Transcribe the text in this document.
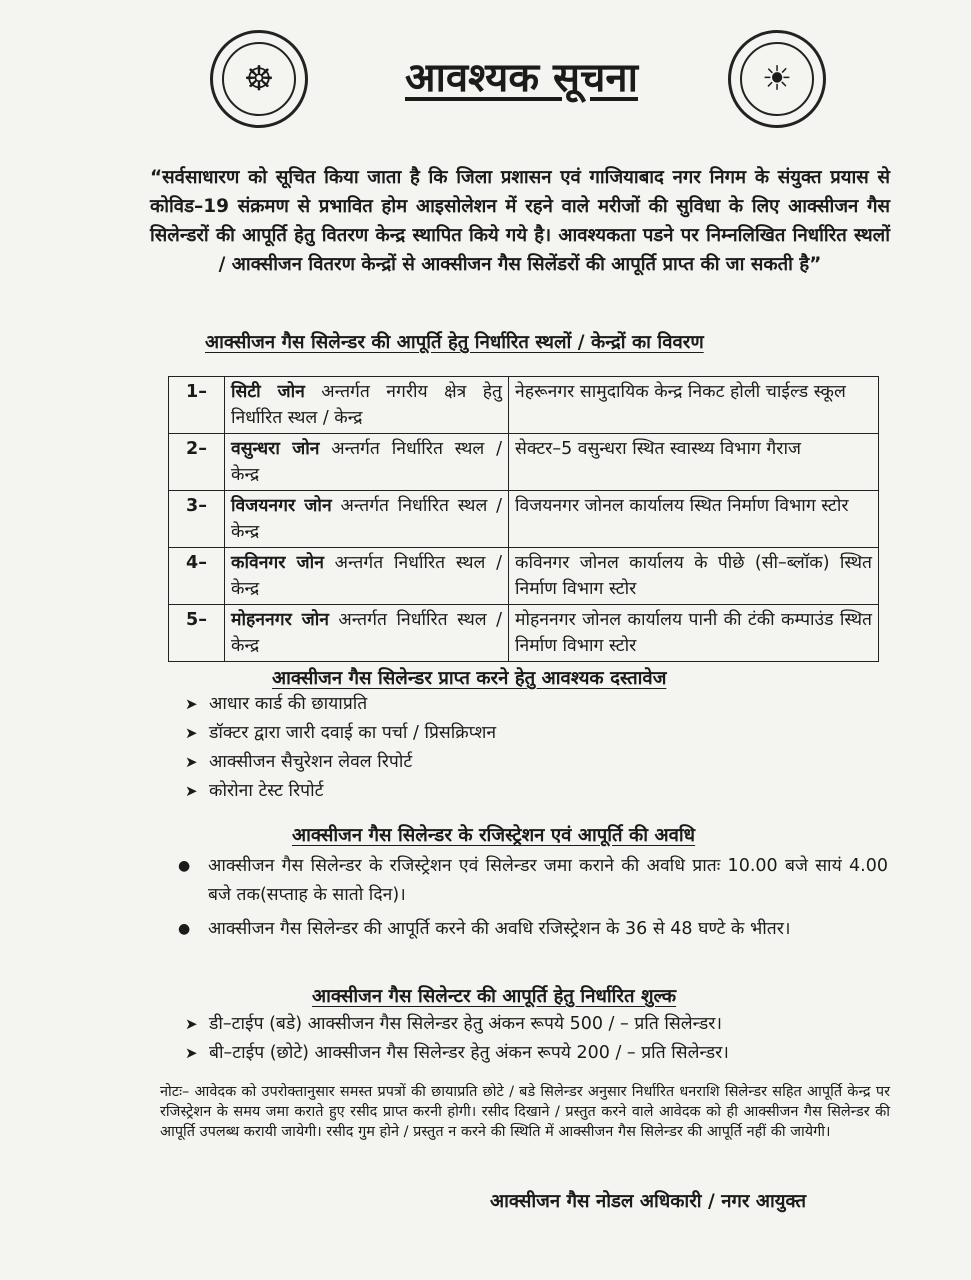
☸	आवश्यक सूचना	☀
“सर्वसाधारण को सूचित किया जाता है कि जिला प्रशासन एवं गाजियाबाद नगर निगम के संयुक्त प्रयास से कोविड–19 संक्रमण से प्रभावित होम आइसोलेशन में रहने वाले मरीजों की सुविधा के लिए आक्सीजन गैस सिलेन्डरों की आपूर्ति हेतु वितरण केन्द्र स्थापित किये गये है। आवश्यकता पडने पर निम्नलिखित निर्धारित स्थलों / आक्सीजन वितरण केन्द्रों से आक्सीजन गैस सिलेंडरों की आपूर्ति प्राप्त की जा सकती है”
आक्सीजन गैस सिलेन्डर की आपूर्ति हेतु निर्धारित स्थलों / केन्द्रों का विवरण
1–	सिटी जोन अन्तर्गत नगरीय क्षेत्र हेतु निर्धारित स्थल / केन्द्र	नेहरूनगर सामुदायिक केन्द्र निकट होली चाईल्ड स्कूल
2–	वसुन्धरा जोन अन्तर्गत निर्धारित स्थल / केन्द्र	सेक्टर–5 वसुन्धरा स्थित स्वास्थ्य विभाग गैराज
3–	विजयनगर जोन अन्तर्गत निर्धारित स्थल / केन्द्र	विजयनगर जोनल कार्यालय स्थित निर्माण विभाग स्टोर
4–	कविनगर जोन अन्तर्गत निर्धारित स्थल / केन्द्र	कविनगर जोनल कार्यालय के पीछे (सी–ब्लॉक) स्थित निर्माण विभाग स्टोर
5–	मोहननगर जोन अन्तर्गत निर्धारित स्थल / केन्द्र	मोहननगर जोनल कार्यालय पानी की टंकी कम्पाउंड स्थित निर्माण विभाग स्टोर
आक्सीजन गैस सिलेन्डर प्राप्त करने हेतु आवश्यक दस्तावेज
➤ आधार कार्ड की छायाप्रति
➤ डॉक्टर द्वारा जारी दवाई का पर्चा / प्रिसक्रिप्शन
➤ आक्सीजन सैचुरेशन लेवल रिपोर्ट
➤ कोरोना टेस्ट रिपोर्ट
आक्सीजन गैस सिलेन्डर के रजिस्ट्रेशन एवं आपूर्ति की अवधि
●	आक्सीजन गैस सिलेन्डर के रजिस्ट्रेशन एवं सिलेन्डर जमा कराने की अवधि प्रातः 10.00 बजे सायं 4.00 बजे तक(सप्ताह के सातो दिन)।
●	आक्सीजन गैस सिलेन्डर की आपूर्ति करने की अवधि रजिस्ट्रेशन के 36 से 48 घण्टे के भीतर।
आक्सीजन गैस सिलेन्टर की आपूर्ति हेतु निर्धारित शुल्क
➤ डी–टाईप (बडे) आक्सीजन गैस सिलेन्डर हेतु अंकन रूपये 500 / – प्रति सिलेन्डर।
➤ बी–टाईप (छोटे) आक्सीजन गैस सिलेन्डर हेतु अंकन रूपये 200 / – प्रति सिलेन्डर।
नोटः– आवेदक को उपरोक्तानुसार समस्त प्रपत्रों की छायाप्रति छोटे / बडे सिलेन्डर अनुसार निर्धारित धनराशि सिलेन्डर सहित आपूर्ति केन्द्र पर रजिस्ट्रेशन के समय जमा कराते हुए रसीद प्राप्त करनी होगी। रसीद दिखाने / प्रस्तुत करने वाले आवेदक को ही आक्सीजन गैस सिलेन्डर की आपूर्ति उपलब्ध करायी जायेगी। रसीद गुम होने / प्रस्तुत न करने की स्थिति में आक्सीजन गैस सिलेन्डर की आपूर्ति नहीं की जायेगी।
आक्सीजन गैस नोडल अधिकारी / नगर आयुक्त
